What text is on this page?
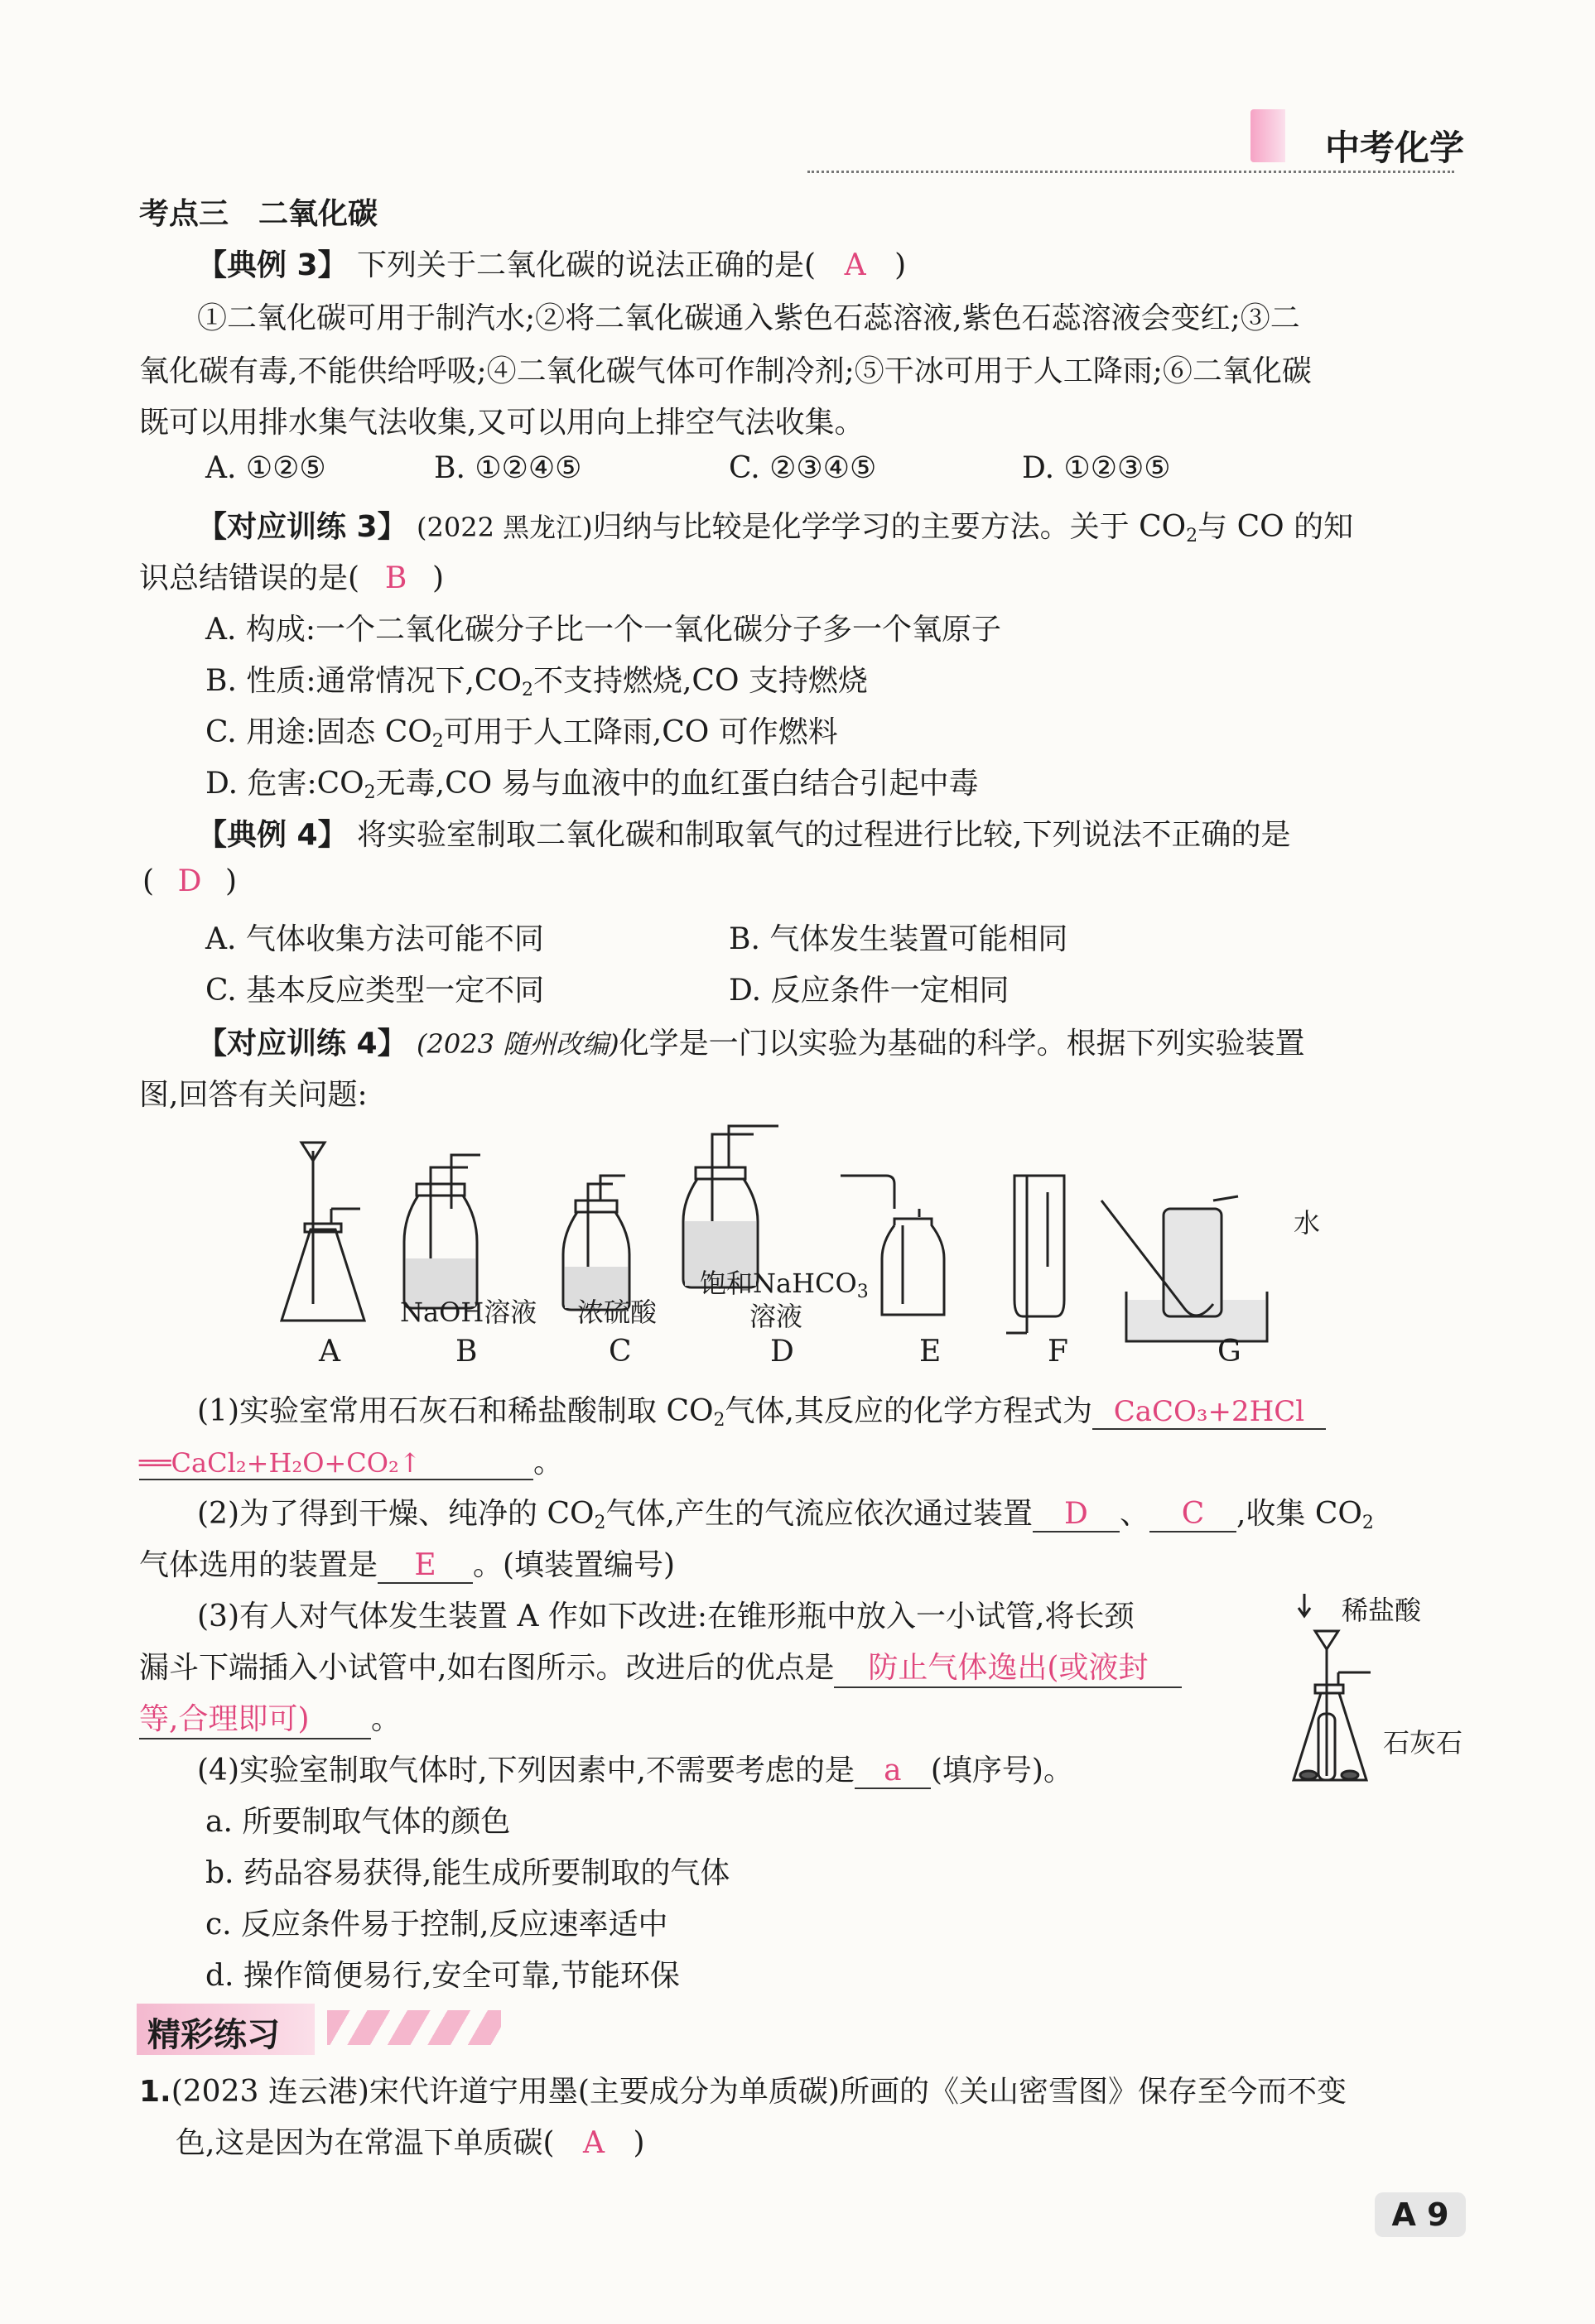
中考化学
考点三　二氧化碳
【典例 3】 下列关于二氧化碳的说法正确的是( A )
①二氧化碳可用于制汽水;②将二氧化碳通入紫色石蕊溶液,紫色石蕊溶液会变红;③二
氧化碳有毒,不能供给呼吸;④二氧化碳气体可作制冷剂;⑤干冰可用于人工降雨;⑥二氧化碳
既可以用排水集气法收集,又可以用向上排空气法收集。
A. ①②⑤	B. ①②④⑤	C. ②③④⑤	D. ①②③⑤
【对应训练 3】 (2022 黑龙江)归纳与比较是化学学习的主要方法。关于 $CO_2$与 CO 的知
识总结错误的是( B )
A. 构成:一个二氧化碳分子比一个一氧化碳分子多一个氧原子
B. 性质:通常情况下$,CO_2$不支持燃烧,CO 支持燃烧
C. 用途:固态 $CO_2$可用于人工降雨,CO 可作燃料
D. 危害$:CO_2$无毒,CO 易与血液中的血红蛋白结合引起中毒
【典例 4】 将实验室制取二氧化碳和制取氧气的过程进行比较,下列说法不正确的是
( D )
A. 气体收集方法可能不同	B. 气体发生装置可能相同
C. 基本反应类型一定不同	D. 反应条件一定相同
【对应训练 4】 (2023 随州改编)化学是一门以实验为基础的科学。根据下列实验装置
图,回答有关问题:
A	B	C	D	E	F	G
NaOH溶液 浓硫酸
饱和NaHCO$_3$
溶液
水
(1)实验室常用石灰石和稀盐酸制取 $CO_2$气体,其反应的化学方程式为 CaCO₃+2HCl
══CaCl₂+H₂O+CO₂↑	。
(2)为了得到干燥、纯净的 $CO_2$气体,产生的气流应依次通过装置 D 、 C ,收集 $CO_2$
气体选用的装置是 E 。(填装置编号)
(3)有人对气体发生装置 A 作如下改进:在锥形瓶中放入一小试管,将长颈
漏斗下端插入小试管中,如右图所示。改进后的优点是 防止气体逸出(或液封
等,合理即可) 。
稀盐酸
石灰石
(4)实验室制取气体时,下列因素中,不需要考虑的是 a (填序号)。
a. 所要制取气体的颜色
b. 药品容易获得,能生成所要制取的气体
c. 反应条件易于控制,反应速率适中
d. 操作简便易行,安全可靠,节能环保
精彩练习
1.(2023 连云港)宋代许道宁用墨(主要成分为单质碳)所画的《关山密雪图》保存至今而不变
色,这是因为在常温下单质碳( A )
A 9
